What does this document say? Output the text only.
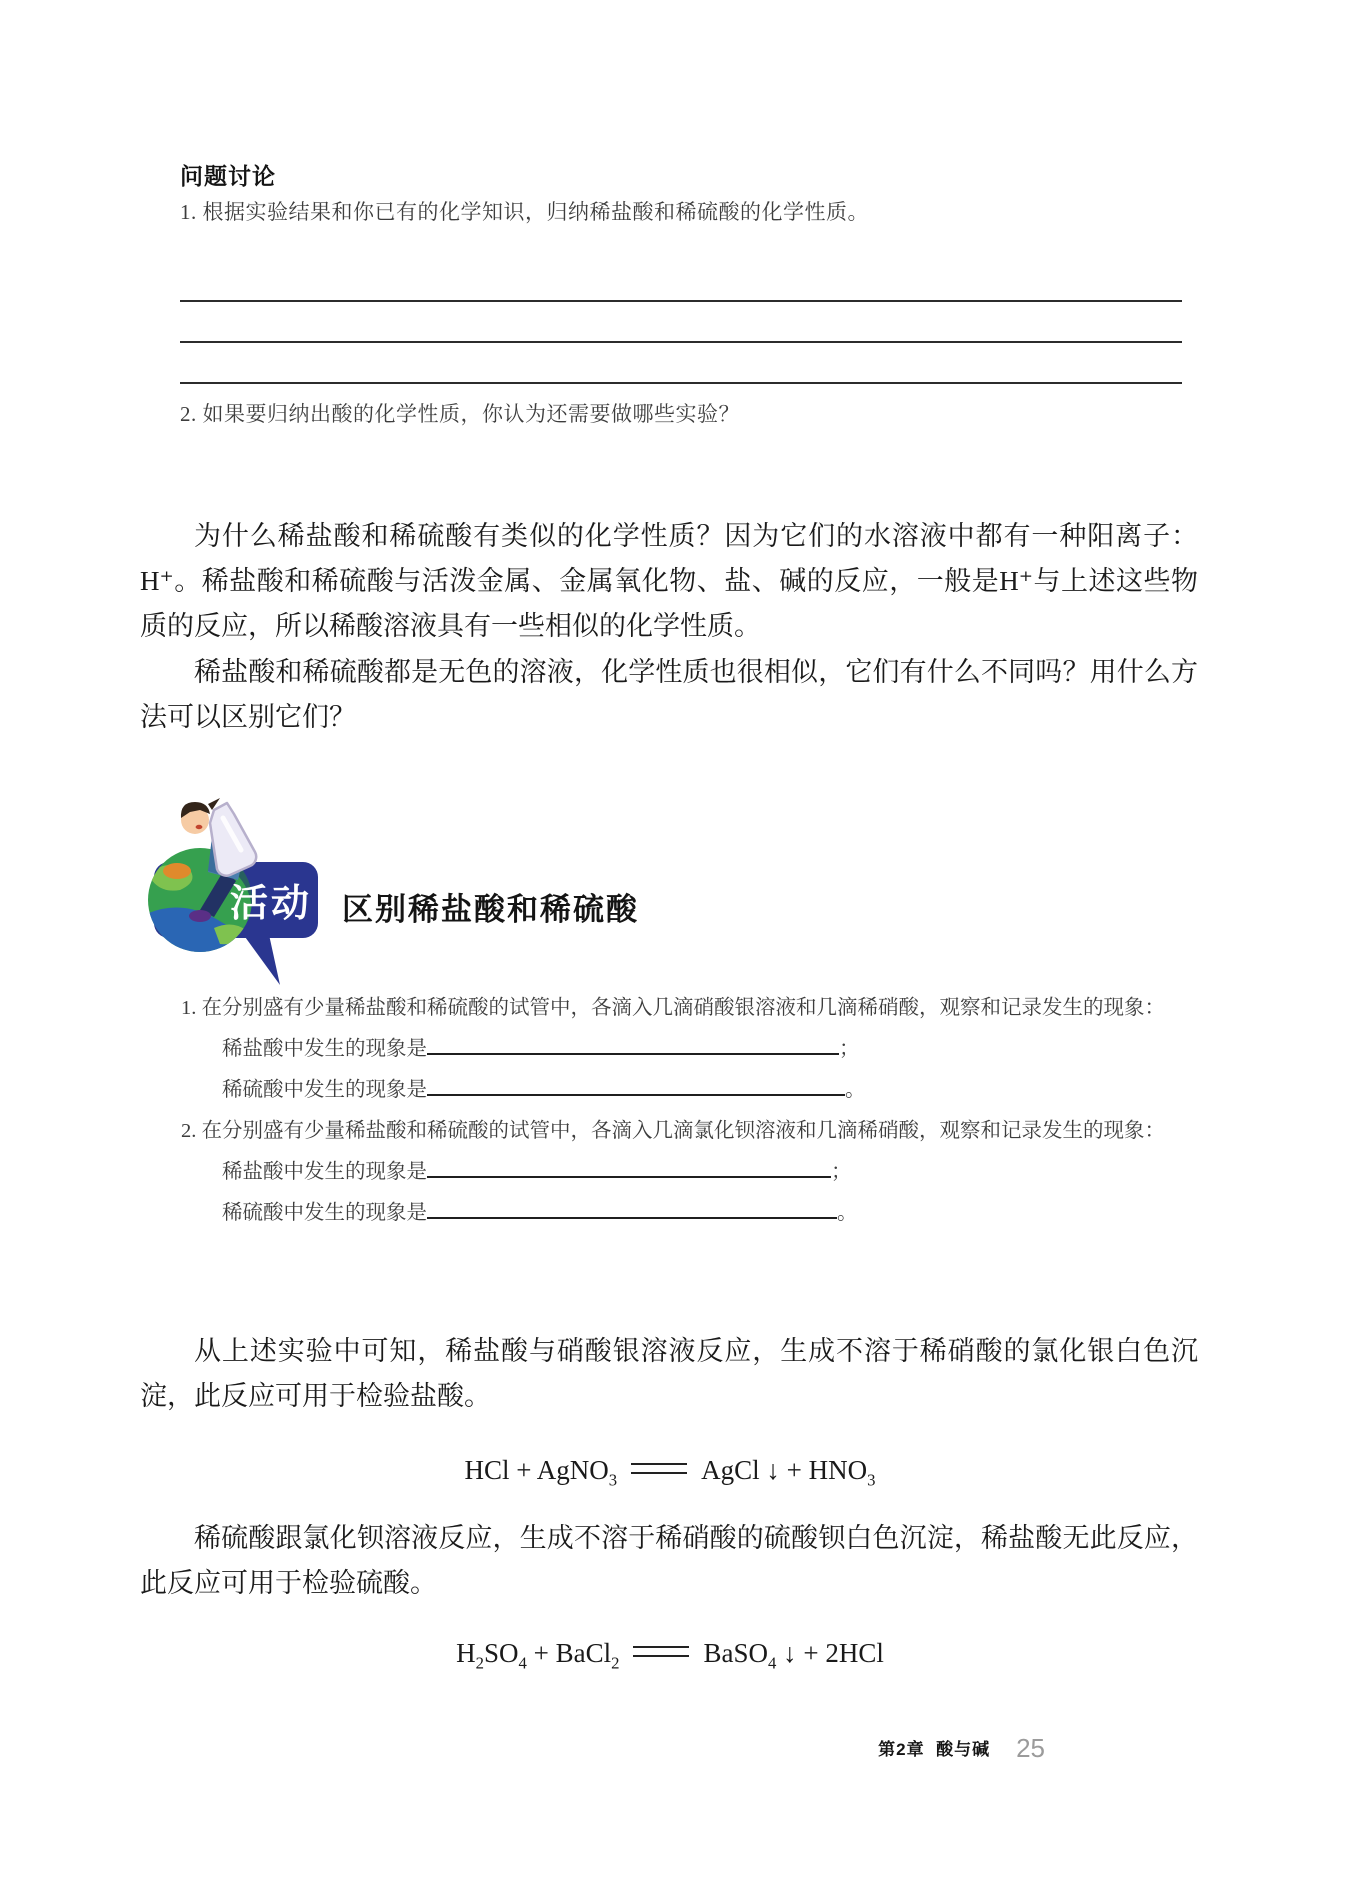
问题讨论
1. 根据实验结果和你已有的化学知识，归纳稀盐酸和稀硫酸的化学性质。
2. 如果要归纳出酸的化学性质，你认为还需要做哪些实验？
为什么稀盐酸和稀硫酸有类似的化学性质？因为它们的水溶液中都有一种阳离子：H⁺。稀盐酸和稀硫酸与活泼金属、金属氧化物、盐、碱的反应，一般是H⁺与上述这些物质的反应，所以稀酸溶液具有一些相似的化学性质。
稀盐酸和稀硫酸都是无色的溶液，化学性质也很相似，它们有什么不同吗？用什么方法可以区别它们？
活动 区别稀盐酸和稀硫酸

1. 在分别盛有少量稀盐酸和稀硫酸的试管中，各滴入几滴硝酸银溶液和几滴稀硝酸，观察和记录发生的现象：

稀盐酸中发生的现象是	；
稀硫酸中发生的现象是	。

2. 在分别盛有少量稀盐酸和稀硫酸的试管中，各滴入几滴氯化钡溶液和几滴稀硝酸，观察和记录发生的现象：

稀盐酸中发生的现象是	；
稀硫酸中发生的现象是	。
从上述实验中可知，稀盐酸与硝酸银溶液反应，生成不溶于稀硝酸的氯化银白色沉淀，此反应可用于检验盐酸。
HCl + AgNO$_3$	AgCl ↓ + $HNO_3$
稀硫酸跟氯化钡溶液反应，生成不溶于稀硝酸的硫酸钡白色沉淀，稀盐酸无此反应，此反应可用于检验硫酸。
$H_2SO_4$ + BaCl$_2$	BaSO$_4$ ↓ + 2HCl
第2章  酸与碱 25
